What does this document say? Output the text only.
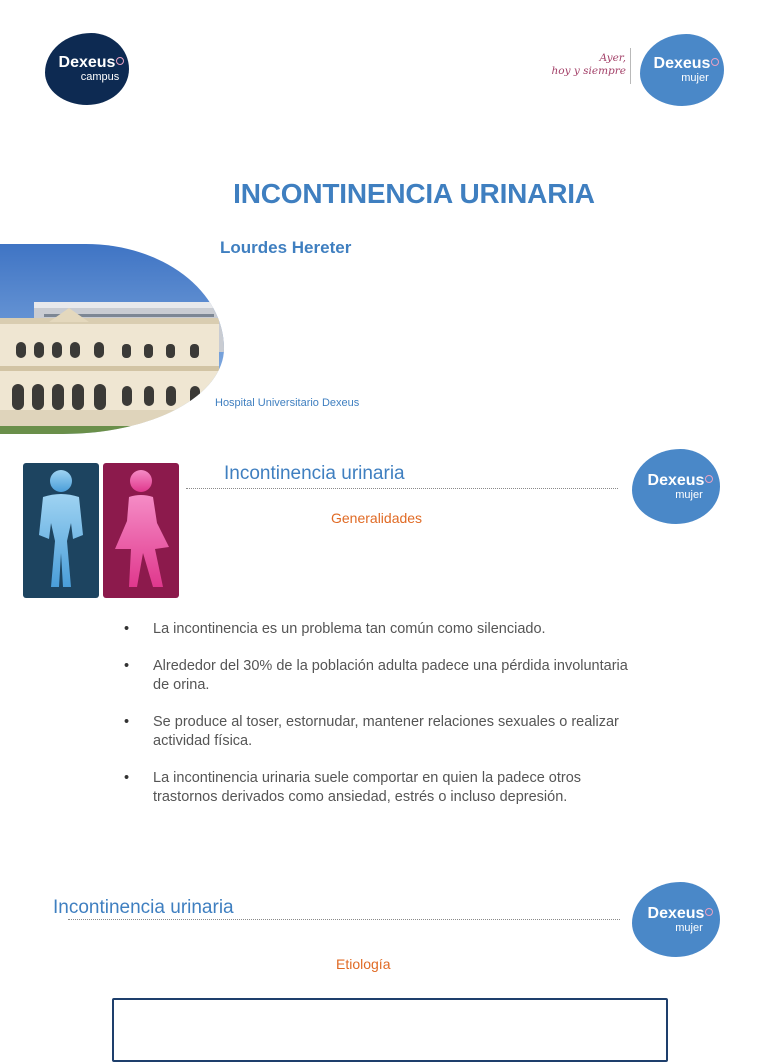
Dexeus
campus
Ayer,
hoy y siempre Dexeus
mujer
INCONTINENCIA URINARIA
Lourdes Hereter
Hospital Universitario Dexeus
Incontinencia urinaria
Generalidades
Dexeus
mujer
• La incontinencia es un problema tan común como silenciado.
• Alrededor del 30% de la población adulta padece una pérdida involuntaria de orina.
• Se produce al toser, estornudar, mantener relaciones sexuales o realizar actividad física.
• La incontinencia urinaria suele comportar en quien la padece otros trastornos derivados como ansiedad, estrés o incluso depresión.
Incontinencia urinaria	Dexeus
mujer
Etiología
